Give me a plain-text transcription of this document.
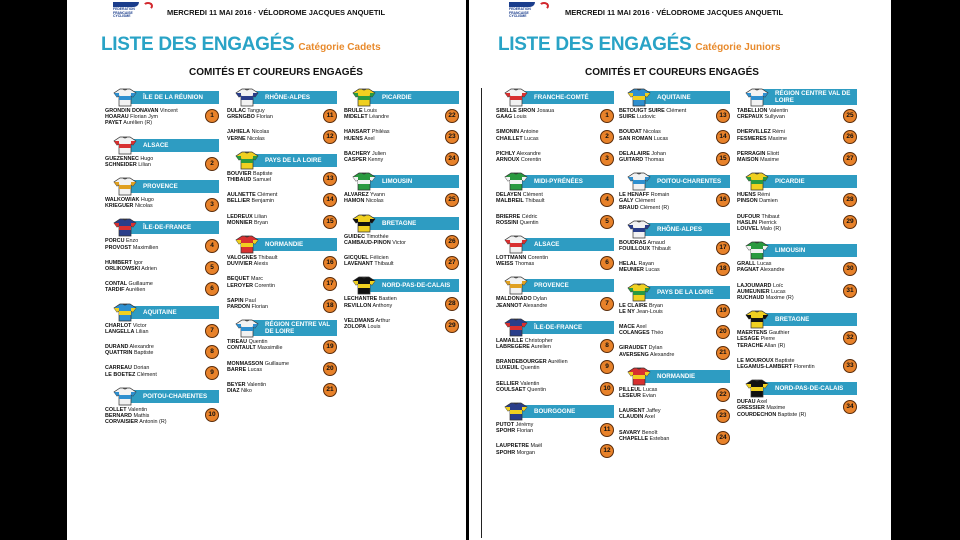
FEDERATION FRANCAISE CYCLISME	MERCREDI 11 MAI 2016 · VÉLODROME JACQUES ANQUETIL
LISTE DES ENGAGÉS Catégorie Cadets
COMITÉS ET COUREURS ENGAGÉS
ÎLE DE LA RÉUNION
GRONDIN DONAVAN Vincent
HOARAU Florian Jym
PAYET Aurélien (R)
1
ALSACE
GUEZENNEC Hugo
SCHNEIDER Lilian	2
PROVENCE
WALKOWIAK Hugo
KRIEGUER Nicolas	3
ÎLE-DE-FRANCE
PORCU Enzo
PROVOST Maximilien	4
HUMBERT Igor
ORLIKOWSKI Adrien	5
CONTAL Guillaume
TARDIF Aurélien	6
AQUITAINE
CHARLOT Victor
LANGELLA Lilian	7
DURAND Alexandre
QUATTRIN Baptiste	8
CARREAU Dorian
LE BOETEZ Clément	9
POITOU-CHARENTES
COLLET Valentin
BERNARD Mathis
CORVAISIER Antonin (R)
10
RHÔNE-ALPES
DULAC Tanguy
GRENGBO Florian	11
JAHIELA Nicolas
VERNE Nicolas	12
PAYS DE LA LOIRE
BOUVIER Baptiste
THIBAUD Samuel	13
AULNETTE Clément
BELLIER Benjamin	14
LEDREUX Lilian
MONNIER Bryan	15
NORMANDIE
VALOGNES Thibault
DUVIVIER Alexis	16
BEQUET Marc
LEROYER Corentin	17
SAPIN Paul
PARDON Florian	18
RÉGION CENTRE VAL DE LOIRE
TIREAU Quentin
CONTAULT Maxsimilie	19
MONMASSON Guillaume
BARRE Lucas	20
BEYER Valentin
DIAZ Niko	21
PICARDIE
BRULE Louis
MIDELET Léandre	22
HANSART Philéas
HUENS Axel	23
BACHERY Julien
CASPER Kenny	24
LIMOUSIN
ALVAREZ Yvann
HAMON Nicolas	25
BRETAGNE
GUIDEC Timothée
CAMBAUD-PINON Victor	26
GICQUEL Félicien
LAVENANT Thibault	27
NORD-PAS-DE-CALAIS
LECHANTRE Bastien
REVILLON Anthony	28
VELDMANS Arthur
ZOLOPA Louis	29
FEDERATION FRANCAISE CYCLISME	MERCREDI 11 MAI 2016 · VÉLODROME JACQUES ANQUETIL
LISTE DES ENGAGÉS Catégorie Juniors
COMITÉS ET COUREURS ENGAGÉS
FRANCHE-COMTÉ
SIBILLE SIRON Josaua
GAAG Louis	1
SIMONIN Antoine
CHAILLET Lucas	2
PICHLY Alexandre
ARNOUX Corentin	3
MIDI-PYRÉNÉES
DELAYEN Clément
MALBREIL Thibault	4
BRIERRE Cédric
ROSSINI Quentin	5
ALSACE
LOTTMANN Corentin
WEISS Thomas	6
PROVENCE
MALDONADO Dylan
JEANNOT Alexandre	7
ÎLE-DE-FRANCE
LAMAILLE Christopher
LABREGERE Aurelien	8
BRANDEBOURGER Aurélien
LUXEUIL Quentin	9
SELLIER Valentin
COULSAET Quentin	10
BOURGOGNE
PUTOT Jérémy
SPOHR Florian	11
LAUPRETRE Maël
SPOHR Morgan	12
AQUITAINE
BETOUIGT SUIRE Clément
SUIRE Ludovic	13
BOUDAT Nicolas
SAN ROMAN Lucas	14
DELALAIRE Johan
GUITARD Thomas	15
POITOU-CHARENTES
LE HENAFF Romain
GALY Clément
BRAUD Clément (R)
16
RHÔNE-ALPES
BOUDRAS Arnaud
FOUILLOUX Thibault	17
HELAL Rayan
MEUNIER Lucas	18
PAYS DE LA LOIRE
LE CLAIRE Bryan
LE NY Jean-Louis	19
MACE Axel
COLANGES Théo	20
GIRAUDET Dylan
AVERSENG Alexandre	21
NORMANDIE
PILLEUL Lucas
LESEUR Evian	22
LAURENT Jaffey
CLAUDIN Axel	23
SAVARY Benoît
CHAPELLE Esteban	24
RÉGION CENTRE VAL DE LOIRE
TABELLION Valentin
CREPAUX Sullyvan	25
DHERVILLEZ Rémi
FESMERES Maxime	26
PERRAGIN Eliott
MAISON Maxime	27
PICARDIE
HUENS Rémi
PINSON Damien	28
DUFOUR Thibaut
HASLIN Pierrick
LOUVEL Malo (R)
29
LIMOUSIN
GRALL Lucas
PAGNAT Alexandre	30
LAJOUMARD Loïc
AUMEUNIER Lucas
RUCHAUD Maxime (R)
31
BRETAGNE
MAERTENS Gauthier
LESAGE Pierre
TERACHE Allan (R)
32
LE MOUROUX Baptiste
LEGAMUS-LAMBERT Florentin	33
NORD-PAS-DE-CALAIS
DUFAU Axel
GRESSIER Maxime
COURDECHON Baptiste (R)
34
